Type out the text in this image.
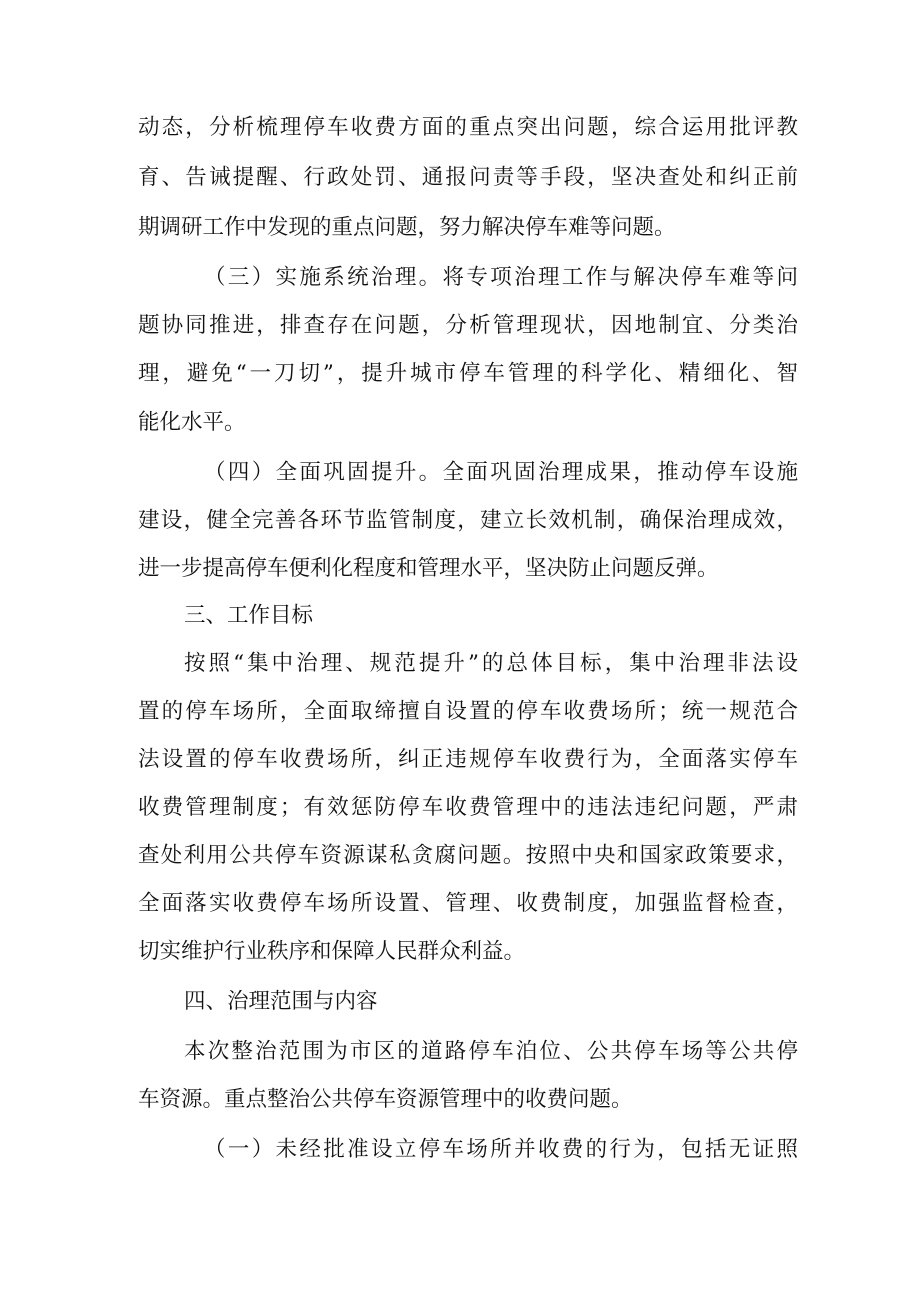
动态，分析梳理停车收费方面的重点突出问题，综合运用批评教
育、告诫提醒、行政处罚、通报问责等手段，坚决查处和纠正前
期调研工作中发现的重点问题，努力解决停车难等问题。
（三）实施系统治理。将专项治理工作与解决停车难等问
题协同推进，排查存在问题，分析管理现状，因地制宜、分类治
理，避免“一刀切”，提升城市停车管理的科学化、精细化、智
能化水平。
（四）全面巩固提升。全面巩固治理成果，推动停车设施
建设，健全完善各环节监管制度，建立长效机制，确保治理成效，
进一步提高停车便利化程度和管理水平，坚决防止问题反弹。
三、工作目标
按照“集中治理、规范提升”的总体目标，集中治理非法设
置的停车场所，全面取缔擅自设置的停车收费场所；统一规范合
法设置的停车收费场所，纠正违规停车收费行为，全面落实停车
收费管理制度；有效惩防停车收费管理中的违法违纪问题，严肃
查处利用公共停车资源谋私贪腐问题。按照中央和国家政策要求，
全面落实收费停车场所设置、管理、收费制度，加强监督检查，
切实维护行业秩序和保障人民群众利益。
四、治理范围与内容
本次整治范围为市区的道路停车泊位、公共停车场等公共停
车资源。重点整治公共停车资源管理中的收费问题。
（一）未经批准设立停车场所并收费的行为，包括无证照
